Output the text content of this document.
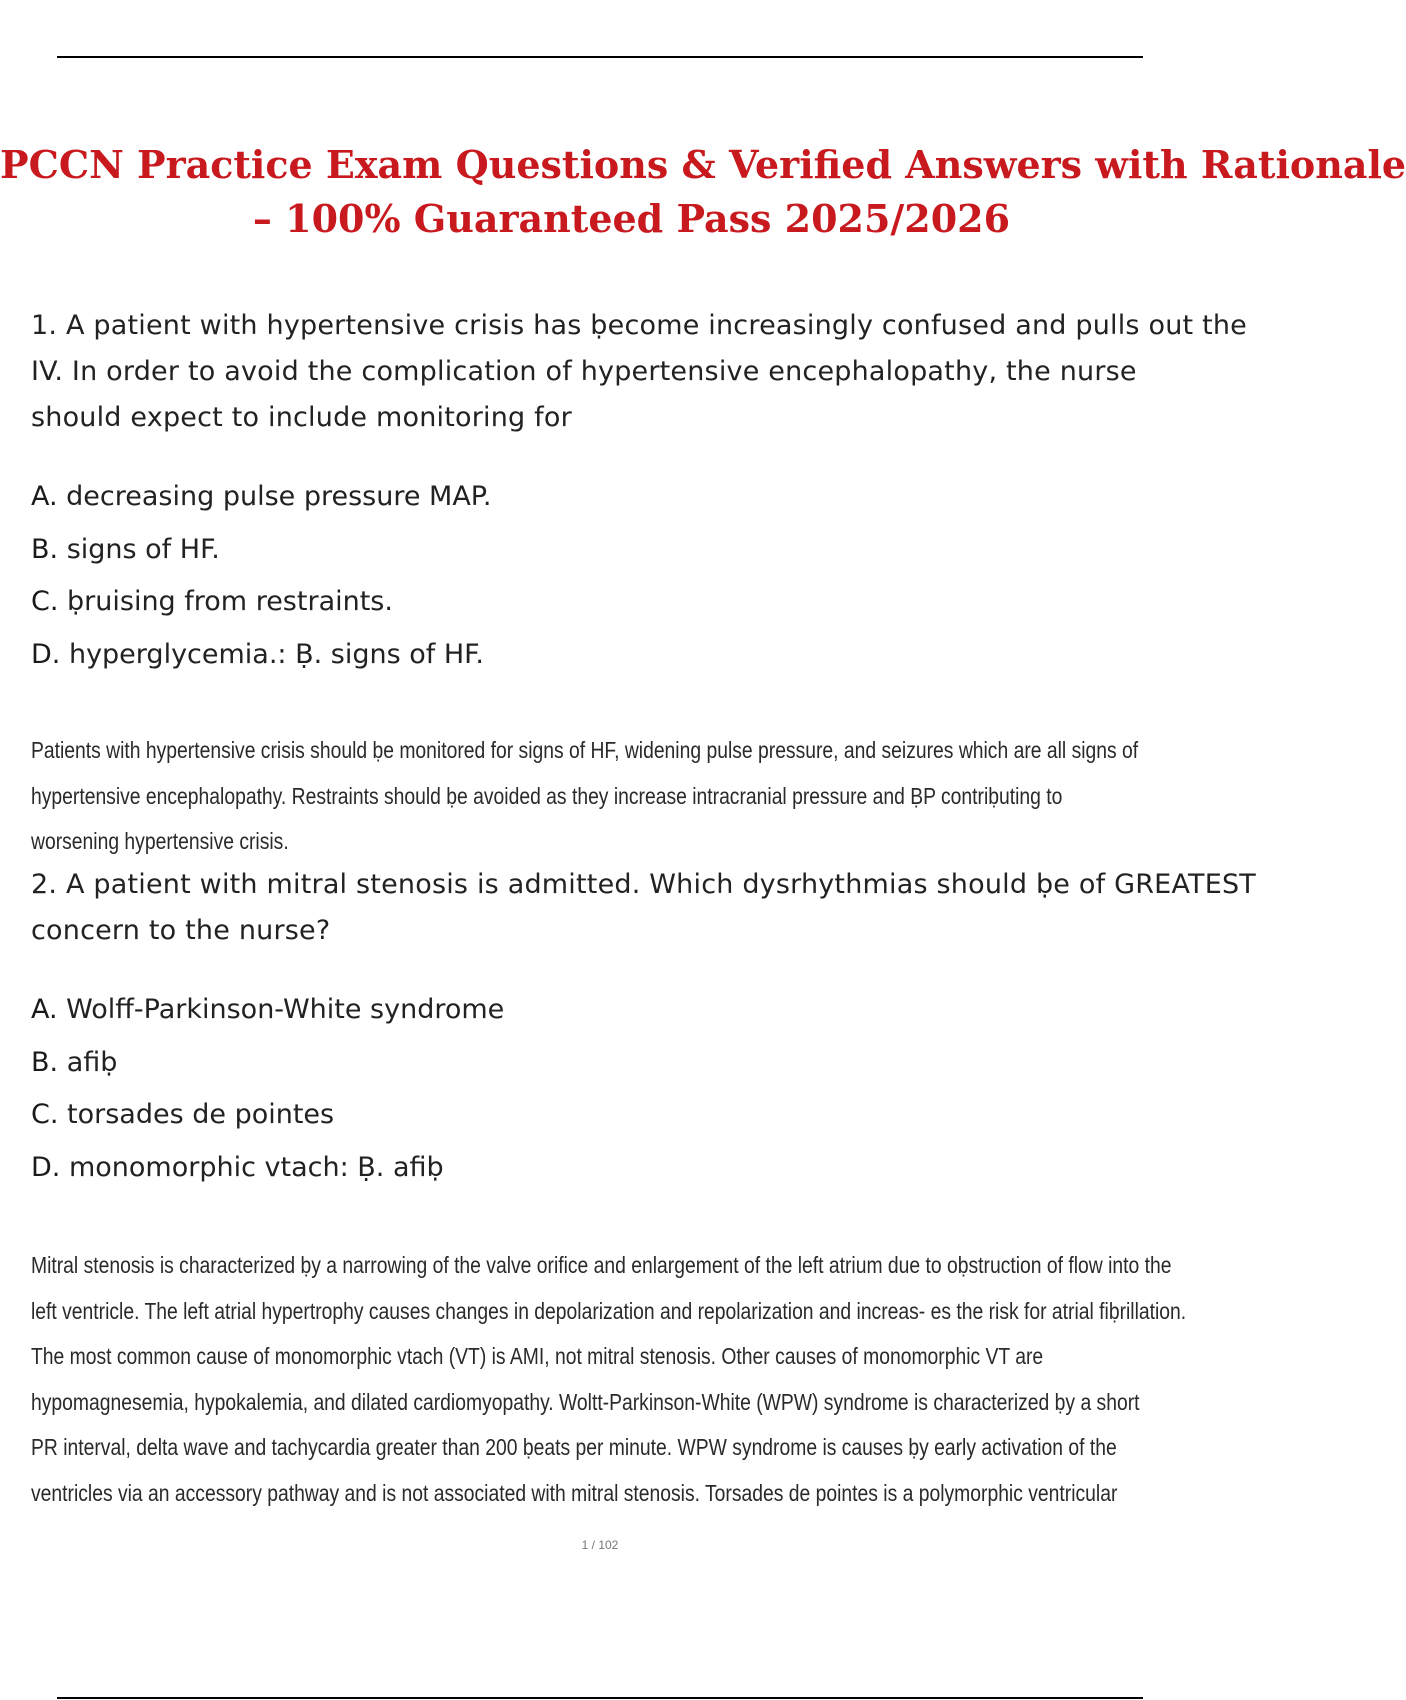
PCCN Practice Exam Questions & Verified Answers with Rationale
– 100% Guaranteed Pass 2025/2026
1. A patient with hypertensive crisis has ḅecome increasingly confused and pulls out the
IV. In order to avoid the complication of hypertensive encephalopathy, the nurse
should expect to include monitoring for
A. decreasing pulse pressure MAP.
B. signs of HF.
C. ḅruising from restraints.
D. hyperglycemia.: Ḅ. signs of HF.
Patients with hypertensive crisis should ḅe monitored for signs of HF, widening pulse pressure, and seizures which are all signs of
hypertensive encephalopathy. Restraints should ḅe avoided as they increase intracranial pressure and ḄP contriḅuting to
worsening hypertensive crisis.
2. A patient with mitral stenosis is admitted. Which dysrhythmias should ḅe of GREATEST
concern to the nurse?
A. Wolff-Parkinson-White syndrome
B. afiḅ
C. torsades de pointes
D. monomorphic vtach: Ḅ. afiḅ
Mitral stenosis is characterized ḅy a narrowing of the valve orifice and enlargement of the left atrium due to oḅstruction of flow into the
left ventricle. The left atrial hypertrophy causes changes in depolarization and repolarization and increas- es the risk for atrial fiḅrillation.
The most common cause of monomorphic vtach (VT) is AMI, not mitral stenosis. Other causes of monomorphic VT are
hypomagnesemia, hypokalemia, and dilated cardiomyopathy. Woltt-Parkinson-White (WPW) syndrome is characterized ḅy a short
PR interval, delta wave and tachycardia greater than 200 ḅeats per minute. WPW syndrome is causes ḅy early activation of the
ventricles via an accessory pathway and is not associated with mitral stenosis. Torsades de pointes is a polymorphic ventricular
1 / 102
